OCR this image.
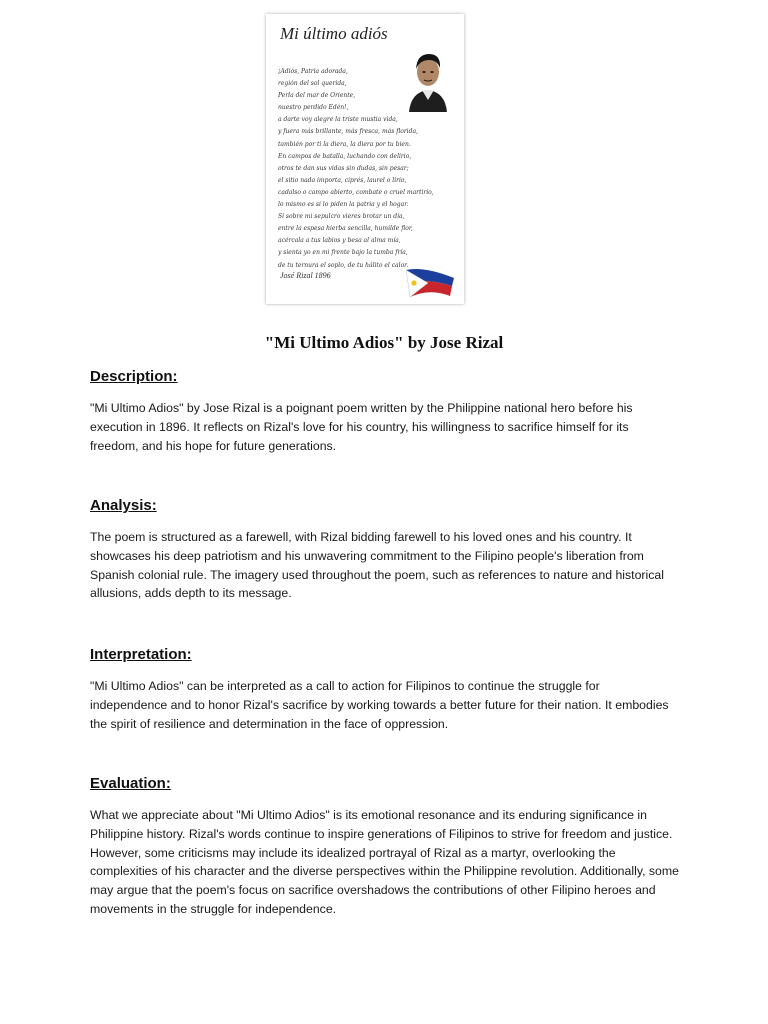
Mi último adiós
¡Adiós, Patria adorada,
región del sol querida,
Perla del mar de Oriente,
nuestro perdido Edén!,
a darte voy alegre la triste mustia vida,
y fuera más brillante, más fresca, más florida,
también por ti la diera, la diera por tu bien.
En campos de batalla, luchando con delirio,
otros te dan sus vidas sin dudas, sin pesar;
el sitio nada importa, ciprés, laurel o lirio,
cadalso o campo abierto, combate o cruel martirio,
lo mismo es si lo piden la patria y el hogar.
Si sobre mi sepulcro vieres brotar un día,
entre la espesa hierba sencilla, humilde flor,
acércala a tus labios y besa al alma mía,
y sienta yo en mi frente bajo la tumba fría,
de tu ternura el soplo, de tu hálito el calor.
José Rizal 1896
"Mi Ultimo Adios" by Jose Rizal
Description:
"Mi Ultimo Adios" by Jose Rizal is a poignant poem written by the Philippine national hero before his execution in 1896. It reflects on Rizal's love for his country, his willingness to sacrifice himself for its freedom, and his hope for future generations.
Analysis:
The poem is structured as a farewell, with Rizal bidding farewell to his loved ones and his country. It showcases his deep patriotism and his unwavering commitment to the Filipino people's liberation from Spanish colonial rule. The imagery used throughout the poem, such as references to nature and historical allusions, adds depth to its message.
Interpretation:
"Mi Ultimo Adios" can be interpreted as a call to action for Filipinos to continue the struggle for independence and to honor Rizal's sacrifice by working towards a better future for their nation. It embodies the spirit of resilience and determination in the face of oppression.
Evaluation:
What we appreciate about "Mi Ultimo Adios" is its emotional resonance and its enduring significance in Philippine history. Rizal's words continue to inspire generations of Filipinos to strive for freedom and justice. However, some criticisms may include its idealized portrayal of Rizal as a martyr, overlooking the complexities of his character and the diverse perspectives within the Philippine revolution. Additionally, some may argue that the poem's focus on sacrifice overshadows the contributions of other Filipino heroes and movements in the struggle for independence.
